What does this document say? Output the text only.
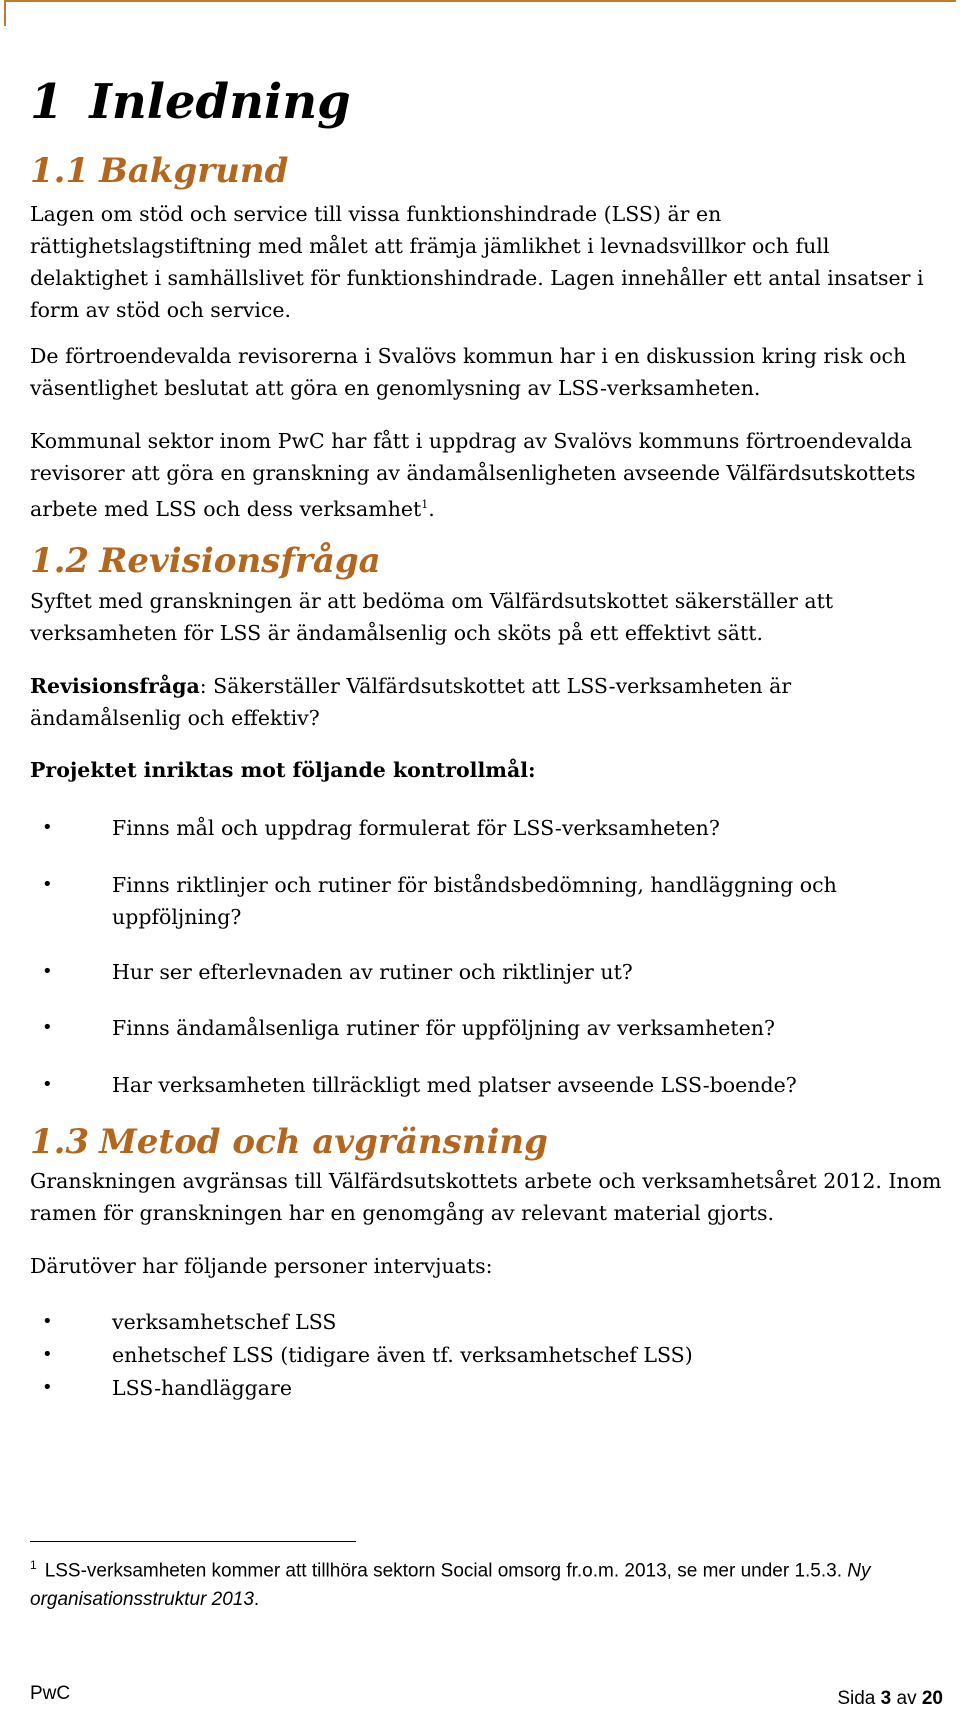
1 Inledning
1.1 Bakgrund

Lagen om stöd och service till vissa funktionshindrade (LSS) är en rättighetslagstiftning med målet att främja jämlikhet i levnadsvillkor och full delaktighet i samhällslivet för funktionshindrade. Lagen innehåller ett antal insatser i form av stöd och service.

De förtroendevalda revisorerna i Svalövs kommun har i en diskussion kring risk och väsentlighet beslutat att göra en genomlysning av LSS-verksamheten.

Kommunal sektor inom PwC har fått i uppdrag av Svalövs kommuns förtroendevalda revisorer att göra en granskning av ändamålsenligheten avseende Välfärdsutskottets arbete med LSS och dess verksamhet$^1$.

1.2 Revisionsfråga

Syftet med granskningen är att bedöma om Välfärdsutskottet säkerställer att verksamheten för LSS är ändamålsenlig och sköts på ett effektivt sätt.

Revisionsfråga: Säkerställer Välfärdsutskottet att LSS-verksamheten är ändamålsenlig och effektiv?

Projektet inriktas mot följande kontrollmål:

•	Finns mål och uppdrag formulerat för LSS-verksamheten?
•	Finns riktlinjer och rutiner för biståndsbedömning, handläggning och uppföljning?
•	Hur ser efterlevnaden av rutiner och riktlinjer ut?
•	Finns ändamålsenliga rutiner för uppföljning av verksamheten?
•	Har verksamheten tillräckligt med platser avseende LSS-boende?
1.3 Metod och avgränsning

Granskningen avgränsas till Välfärdsutskottets arbete och verksamhetsåret 2012. Inom ramen för granskningen har en genomgång av relevant material gjorts.

Därutöver har följande personer intervjuats:

•	verksamhetschef LSS
•	enhetschef LSS (tidigare även tf. verksamhetschef LSS)
•	LSS-handläggare
$^1$ LSS-verksamheten kommer att tillhöra sektorn Social omsorg fr.o.m. 2013, se mer under 1.5.3. Ny organisationsstruktur 2013.
Sida 3 av 20
PwC
